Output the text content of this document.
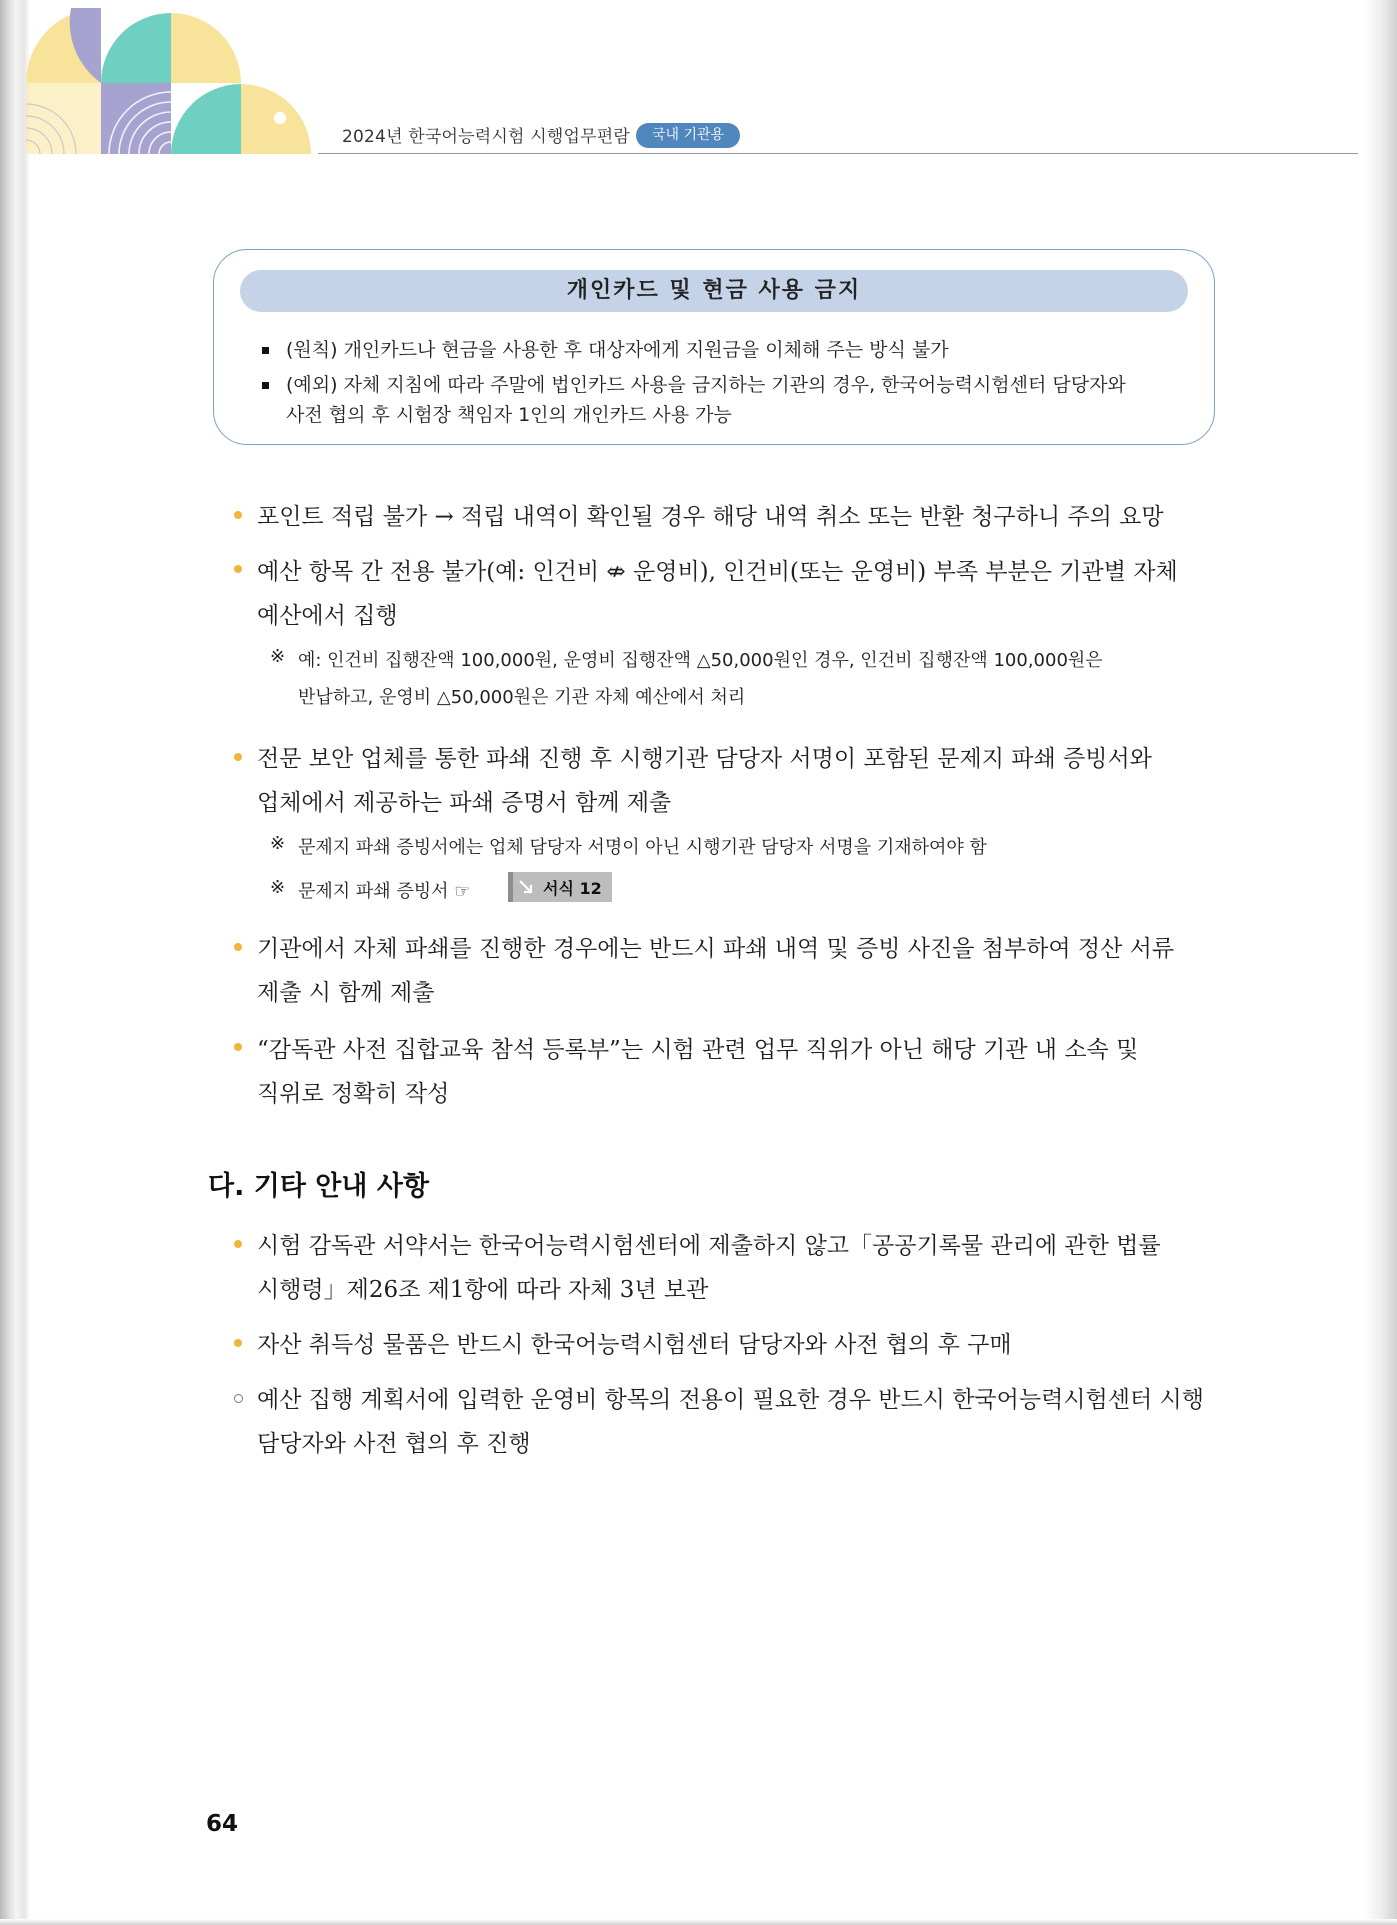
2024년 한국어능력시험 시행업무편람	국내 기관용
개인카드 및 현금 사용 금지
(원칙) 개인카드나 현금을 사용한 후 대상자에게 지원금을 이체해 주는 방식 불가
(예외) 자체 지침에 따라 주말에 법인카드 사용을 금지하는 기관의 경우, 한국어능력시험센터 담당자와
사전 협의 후 시험장 책임자 1인의 개인카드 사용 가능
포인트 적립 불가 → 적립 내역이 확인될 경우 해당 내역 취소 또는 반환 청구하니 주의 요망
예산 항목 간 전용 불가(예: 인건비 ⇎ 운영비), 인건비(또는 운영비) 부족 부분은 기관별 자체
예산에서 집행
※ 예: 인건비 집행잔액 100,000원, 운영비 집행잔액 △50,000원인 경우, 인건비 집행잔액 100,000원은
반납하고, 운영비 △50,000원은 기관 자체 예산에서 처리
전문 보안 업체를 통한 파쇄 진행 후 시행기관 담당자 서명이 포함된 문제지 파쇄 증빙서와
업체에서 제공하는 파쇄 증명서 함께 제출
※ 문제지 파쇄 증빙서에는 업체 담당자 서명이 아닌 시행기관 담당자 서명을 기재하여야 함
※ 문제지 파쇄 증빙서 ☞	서식 12
기관에서 자체 파쇄를 진행한 경우에는 반드시 파쇄 내역 및 증빙 사진을 첨부하여 정산 서류
제출 시 함께 제출
“감독관 사전 집합교육 참석 등록부”는 시험 관련 업무 직위가 아닌 해당 기관 내 소속 및
직위로 정확히 작성
다. 기타 안내 사항
시험 감독관 서약서는 한국어능력시험센터에 제출하지 않고「공공기록물 관리에 관한 법률
시행령」제26조 제1항에 따라 자체 3년 보관
자산 취득성 물품은 반드시 한국어능력시험센터 담당자와 사전 협의 후 구매
예산 집행 계획서에 입력한 운영비 항목의 전용이 필요한 경우 반드시 한국어능력시험센터 시행
담당자와 사전 협의 후 진행
64
